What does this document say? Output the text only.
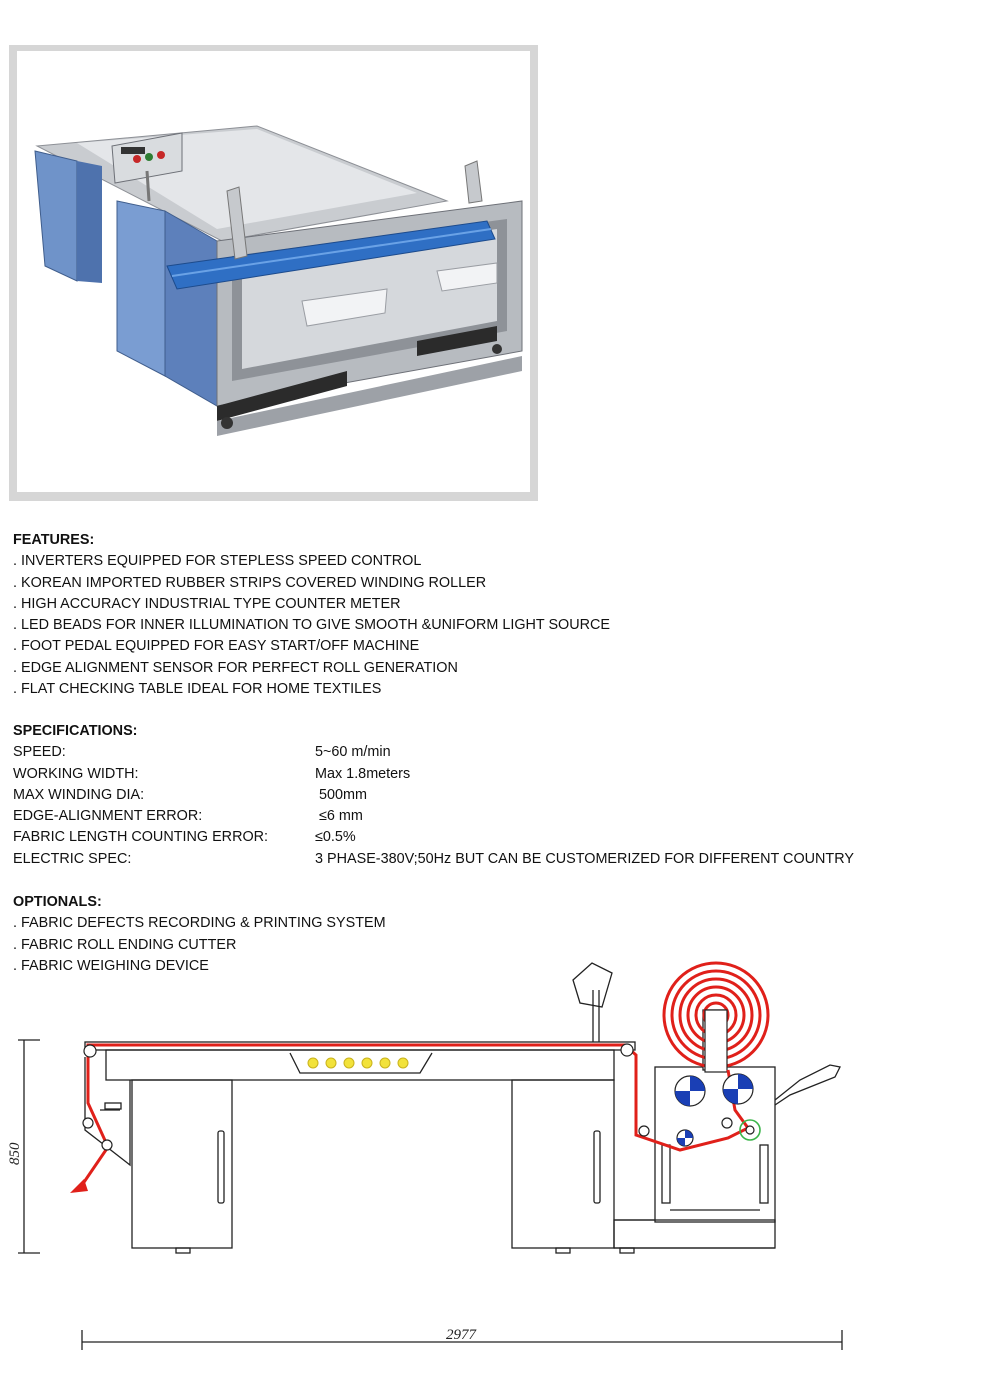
FEATURES:
. INVERTERS EQUIPPED FOR STEPLESS SPEED CONTROL
. KOREAN IMPORTED RUBBER STRIPS COVERED WINDING ROLLER
. HIGH ACCURACY INDUSTRIAL TYPE COUNTER METER
. LED BEADS FOR INNER ILLUMINATION TO GIVE SMOOTH &UNIFORM LIGHT SOURCE
. FOOT PEDAL EQUIPPED FOR EASY START/OFF MACHINE
. EDGE ALIGNMENT SENSOR FOR PERFECT ROLL GENERATION
. FLAT CHECKING TABLE IDEAL FOR HOME TEXTILES
SPECIFICATIONS:
SPEED:	5~60 m/min
WORKING WIDTH:	Max 1.8meters
MAX WINDING DIA:	500mm
EDGE-ALIGNMENT ERROR:	≤6 mm
FABRIC LENGTH COUNTING ERROR:	≤0.5%
ELECTRIC SPEC:	3 PHASE-380V;50Hz BUT CAN BE CUSTOMERIZED FOR DIFFERENT COUNTRY
OPTIONALS:
. FABRIC DEFECTS RECORDING & PRINTING SYSTEM
. FABRIC ROLL ENDING CUTTER
. FABRIC WEIGHING DEVICE
850
2977
